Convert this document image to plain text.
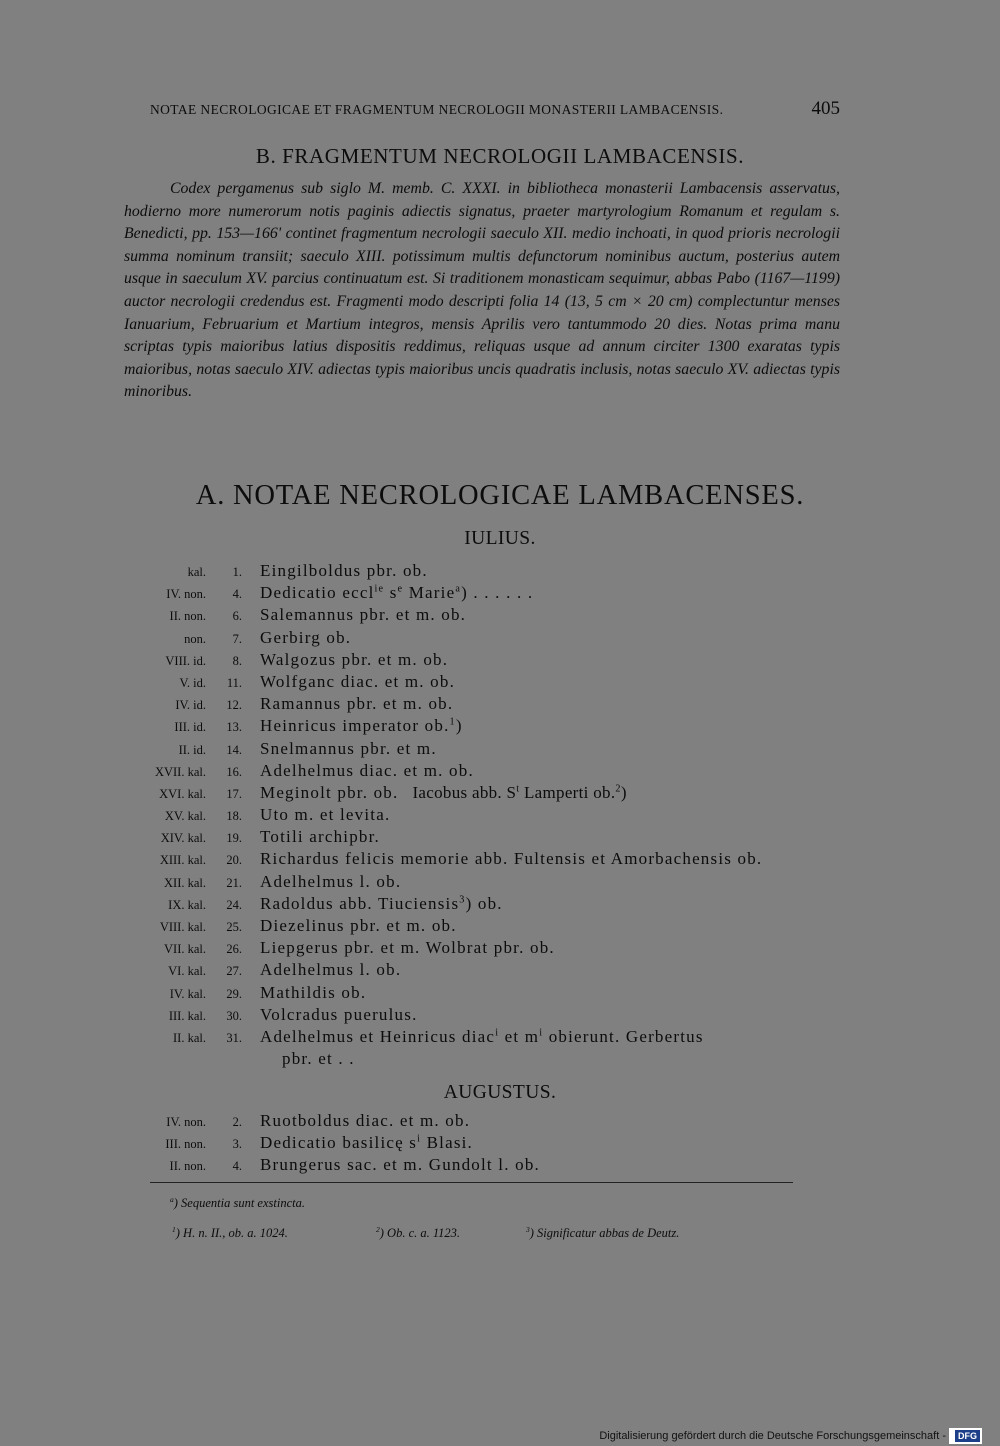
NOTAE NECROLOGICAE ET FRAGMENTUM NECROLOGII MONASTERII LAMBACENSIS.	405
B. FRAGMENTUM NECROLOGII LAMBACENSIS.

Codex pergamenus sub siglo M. memb. C. XXXI. in bibliotheca monasterii Lambacensis asservatus, hodierno more numerorum notis paginis adiectis signatus, praeter martyrologium Romanum et regulam s. Benedicti, pp. 153—166' continet fragmentum necrologii saeculo XII. medio inchoati, in quod prioris necrologii summa nominum transiit; saeculo XIII. potissimum multis defunctorum nominibus auctum, posterius autem usque in saeculum XV. parcius continuatum est. Si traditionem monasticam sequimur, abbas Pabo (1167—1199) auctor necrologii credendus est. Fragmenti modo descripti folia 14 (13, 5 cm × 20 cm) complectuntur menses Ianuarium, Februarium et Martium integros, mensis Aprilis vero tantummodo 20 dies. Notas prima manu scriptas typis maioribus latius dispositis reddimus, reliquas usque ad annum circiter 1300 exaratas typis maioribus, notas saeculo XIV. adiectas typis maioribus uncis quadratis inclusis, notas saeculo XV. adiectas typis minoribus.

A. NOTAE NECROLOGICAE LAMBACENSES.
IULIUS.
kal.	1. Eingilboldus pbr. ob.
IV. non.	4. Dedicatio eccl$^{ie}$ $s^e$ Marie$^a$) . . . . . .
II. non.	6. Salemannus pbr. et m. ob.
non.	7. Gerbirg ob.
VIII. id.	8. Walgozus pbr. et m. ob.
V. id.	11. Wolfganc diac. et m. ob.
IV. id.	12. Ramannus pbr. et m. ob.
III. id.	13. Heinricus imperator ob.$^1$)
II. id.	14. Snelmannus pbr. et m.
XVII. kal.	16. Adelhelmus diac. et m. ob.
XVI. kal.	17. Meginolt pbr. ob. Iacobus abb. $S^t$ Lamperti ob.$^2$)
XV. kal.	18. Uto m. et levita.
XIV. kal.	19. Totili archipbr.
XIII. kal.	20. Richardus felicis memorie abb. Fultensis et Amorbachensis ob.
XII. kal.	21. Adelhelmus l. ob.
IX. kal.	24. Radoldus abb. Tiuciensis$^3$) ob.
VIII. kal.	25. Diezelinus pbr. et m. ob.
VII. kal.	26. Liepgerus pbr. et m. Wolbrat pbr. ob.
VI. kal.	27. Adelhelmus l. ob.
IV. kal.	29. Mathildis ob.
III. kal.	30. Volcradus puerulus.
II. kal.	31. Adelhelmus et Heinricus diac$^i$ et $m^i$ obierunt. Gerbertus
pbr. et . .
AUGUSTUS.
IV. non.	2. Ruotboldus diac. et m. ob.
III. non.	3. Dedicatio basilicę $s^i$ Blasi.
II. non.	4. Brungerus sac. et m. Gundolt l. ob.
$^a$) Sequentia sunt exstincta.
$^1$) H. n. II., ob. a. 1024.	$^2$) Ob. c. a. 1123.	$^3$) Significatur abbas de Deutz.
Digitalisierung gefördert durch die Deutsche Forschungsgemeinschaft -	DFG
